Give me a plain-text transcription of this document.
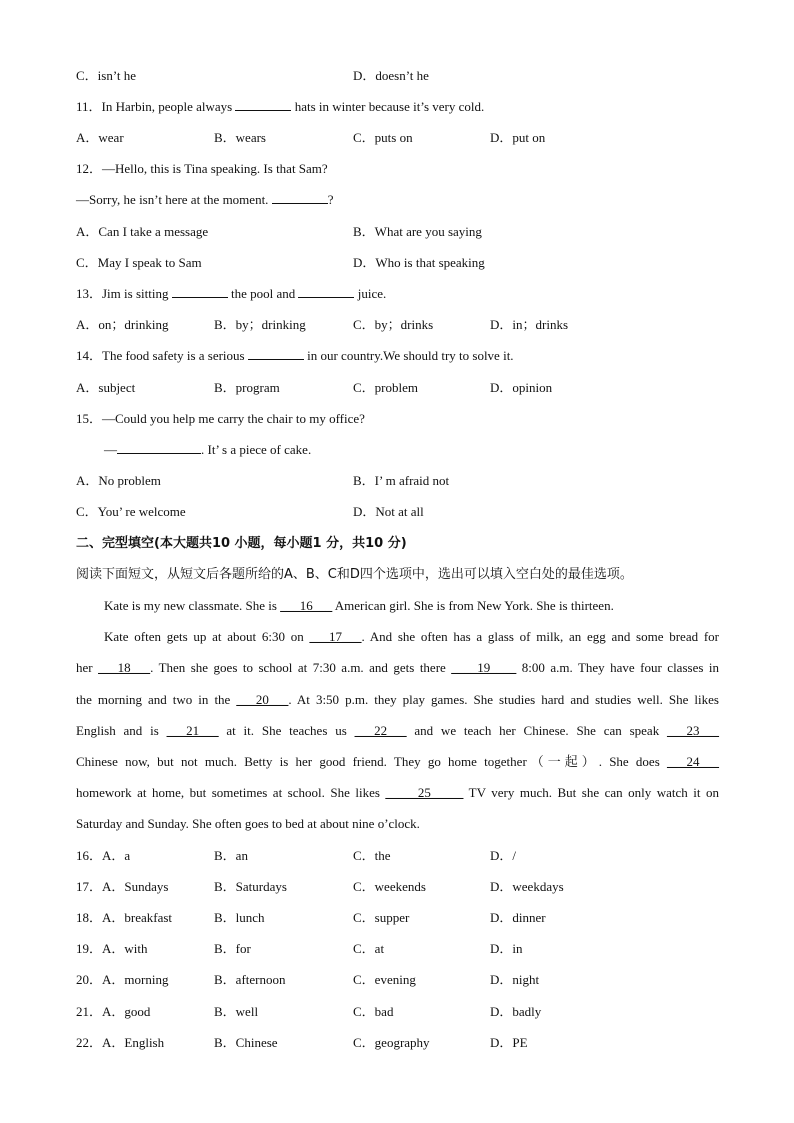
C．isn’t he	D．doesn’t he
11．In Harbin, people always	hats in winter because it’s very cold.
A．wear	B．wears	C．puts on	D．put on
12．—Hello, this is Tina speaking. Is that Sam?
—Sorry, he isn’t here at the moment.	?
A．Can I take a message	B．What are you saying
C．May I speak to Sam	D．Who is that speaking
13．Jim is sitting	the pool and	juice.
A．on；drinking	B．by；drinking	C．by；drinks	D．in；drinks
14．The food safety is a serious	in our country.We should try to solve it.
A．subject	B．program	C．problem	D．opinion
15．—Could you help me carry the chair to my office?
—	. It’ s a piece of cake.
A．No problem	B．I’ m afraid not
C．You’ re welcome	D．Not at all
二、完型填空(本大题共10 小题，每小题1 分，共10 分)
阅读下面短文，从短文后各题所给的A、B、C和D四个选项中，选出可以填入空白处的最佳选项。
Kate is my new classmate. She is ___16___ American girl. She is from New York. She is thirteen.
Kate often gets up at about 6:30 on ___17___. And she often has a glass of milk, an egg and some bread for
her ___18___. Then she goes to school at 7:30 a.m. and gets there ____19____ 8:00 a.m. They have four classes in
the morning and two in the ___20___. At 3:50 p.m. they play games. She studies hard and studies well. She likes
English and is ___21___ at it. She teaches us ___22___ and we teach her Chinese. She can speak ___23___
Chinese now, but not much. Betty is her good friend. They go home together（一起）. She does ___24___
homework at home, but sometimes at school. She likes _____25_____ TV very much. But she can only watch it on
Saturday and Sunday. She often goes to bed at about nine o’clock.
16．A．a	B．an	C．the	D．/
17．A．Sundays	B．Saturdays	C．weekends	D．weekdays
18．A．breakfast	B．lunch	C．supper	D．dinner
19．A．with	B．for	C．at	D．in
20．A．morning	B．afternoon	C．evening	D．night
21．A．good	B．well	C．bad	D．badly
22．A．English	B．Chinese	C．geography	D．PE
